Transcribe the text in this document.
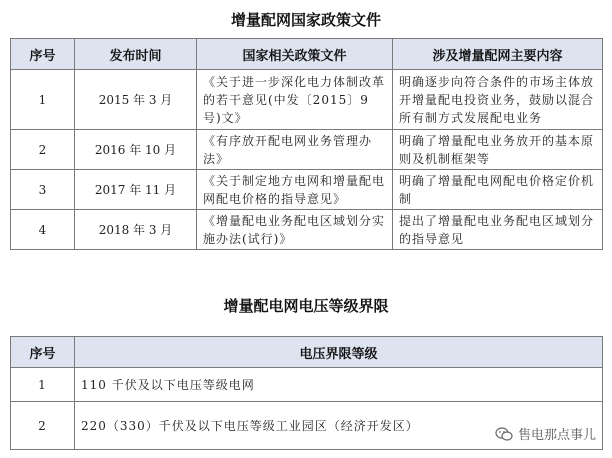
增量配网国家政策文件
序号	发布时间	国家相关政策文件	涉及增量配网主要内容
1	2015 年 3 月	《关于进一步深化电力体制改革的若干意见(中发〔2015〕9号)文》	明确逐步向符合条件的市场主体放开增量配电投资业务，鼓励以混合所有制方式发展配电业务
2	2016 年 10 月	《有序放开配电网业务管理办法》	明确了增量配电业务放开的基本原则及机制框架等
3	2017 年 11 月	《关于制定地方电网和增量配电网配电价格的指导意见》	明确了增量配电网配电价格定价机制
4	2018 年 3 月	《增量配电业务配电区域划分实施办法(试行)》	提出了增量配电业务配电区域划分的指导意见
增量配电网电压等级界限
序号	电压界限等级
1	110 千伏及以下电压等级电网
2	220（330）千伏及以下电压等级工业园区（经济开发区）
售电那点事儿
